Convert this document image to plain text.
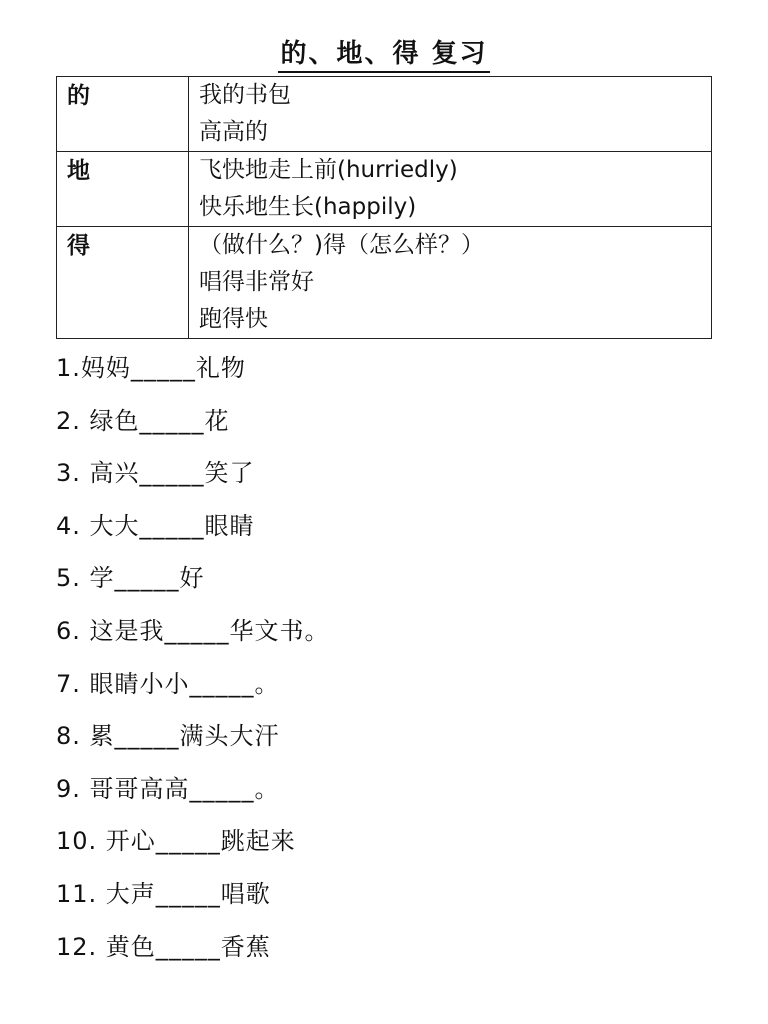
的、地、得 复习
的	我的书包
高高的

地	飞快地走上前(hurriedly)
快乐地生长(happily)

得	（做什么？)得（怎么样？）
唱得非常好
跑得快
1.妈妈_____礼物
2. 绿色_____花
3. 高兴_____笑了
4. 大大_____眼睛
5. 学_____好
6. 这是我_____华文书。
7. 眼睛小小_____。
8. 累_____满头大汗
9. 哥哥高高_____。
10. 开心_____跳起来
11. 大声_____唱歌
12. 黄色_____香蕉
